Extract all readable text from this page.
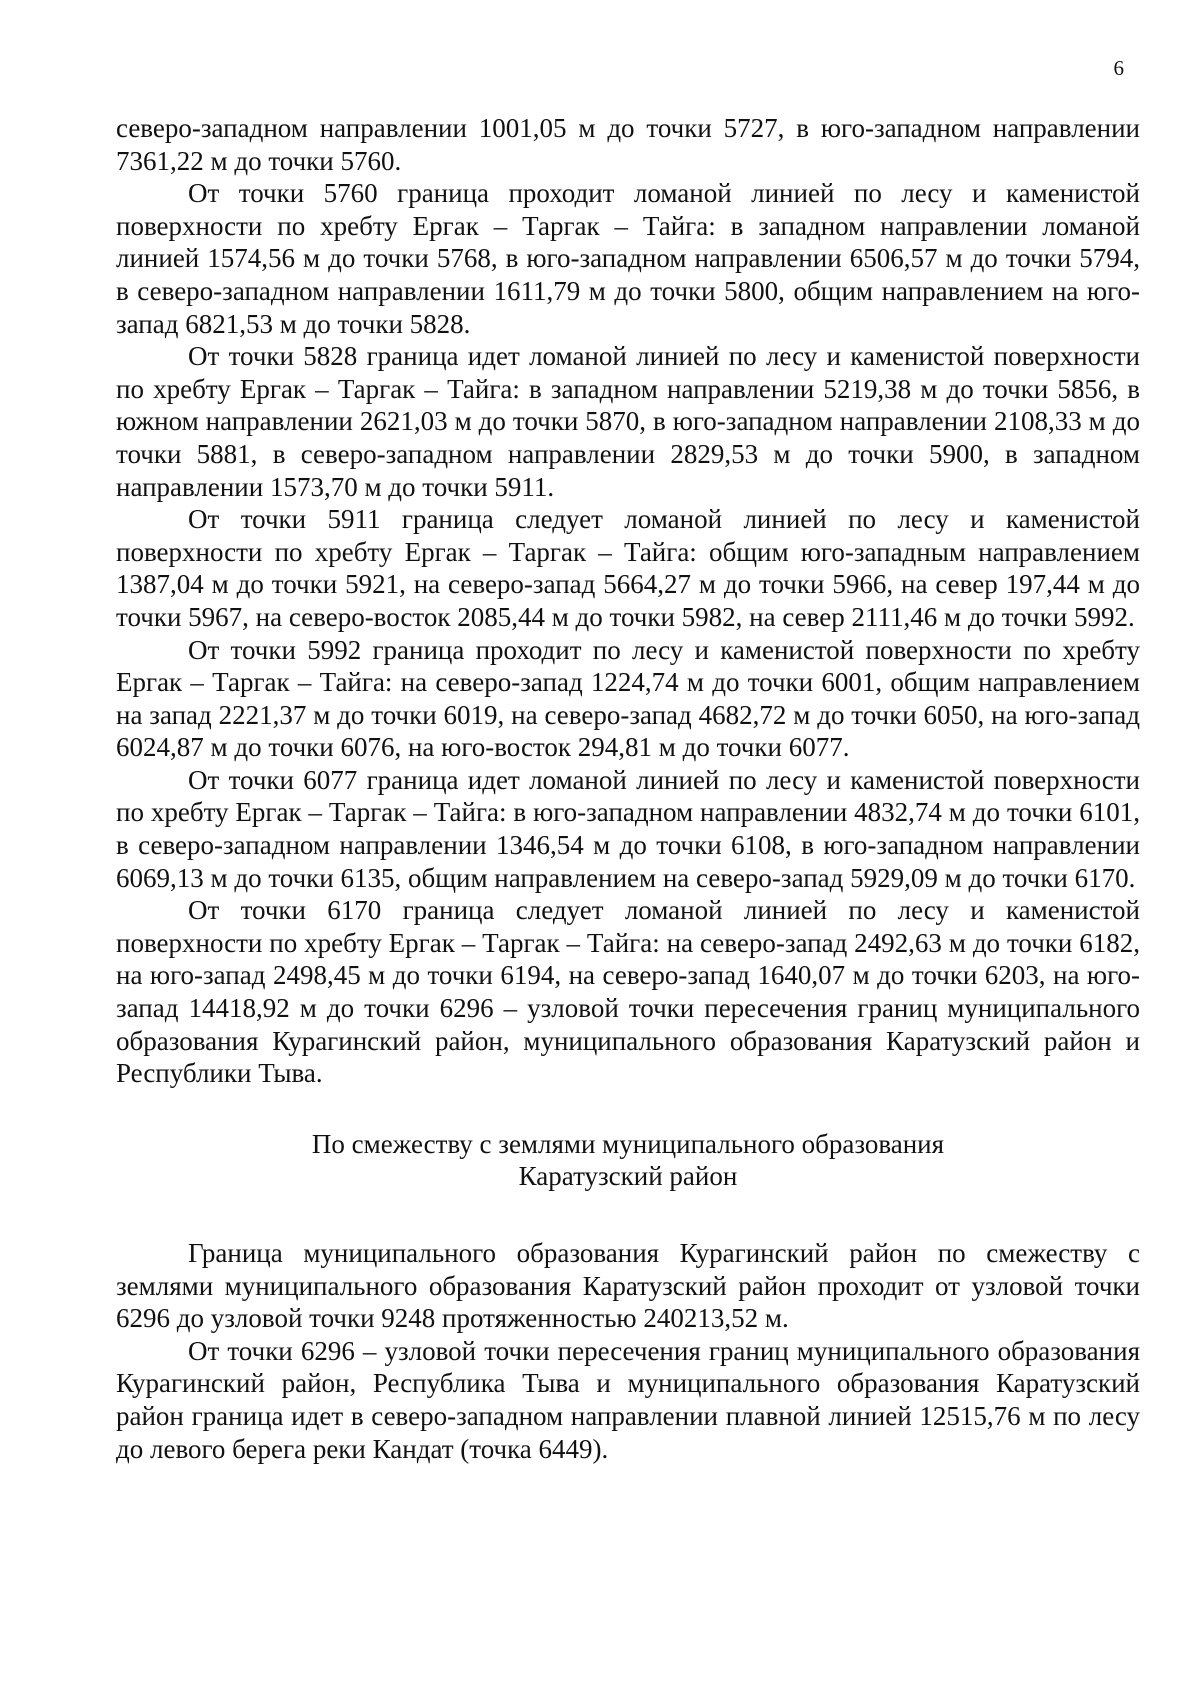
6

северо-западном направлении 1001,05 м до точки 5727, в юго-западном направлении 7361,22 м до точки 5760.

От точки 5760 граница проходит ломаной линией по лесу и каменистой поверхности по хребту Ергак – Таргак – Тайга: в западном направлении ломаной линией 1574,56 м до точки 5768, в юго-западном направлении 6506,57 м до точки 5794, в северо-западном направлении 1611,79 м до точки 5800, общим направлением на юго-запад 6821,53 м до точки 5828.

От точки 5828 граница идет ломаной линией по лесу и каменистой поверхности по хребту Ергак – Таргак – Тайга: в западном направлении 5219,38 м до точки 5856, в южном направлении 2621,03 м до точки 5870, в юго-западном направлении 2108,33 м до точки 5881, в северо-западном направлении 2829,53 м до точки 5900, в западном направлении 1573,70 м до точки 5911.

От точки 5911 граница следует ломаной линией по лесу и каменистой поверхности по хребту Ергак – Таргак – Тайга: общим юго-западным направлением 1387,04 м до точки 5921, на северо-запад 5664,27 м до точки 5966, на север 197,44 м до точки 5967, на северо-восток 2085,44 м до точки 5982, на север 2111,46 м до точки 5992.

От точки 5992 граница проходит по лесу и каменистой поверхности по хребту Ергак – Таргак – Тайга: на северо-запад 1224,74 м до точки 6001, общим направлением на запад 2221,37 м до точки 6019, на северо-запад 4682,72 м до точки 6050, на юго-запад 6024,87 м до точки 6076, на юго-восток 294,81 м до точки 6077.

От точки 6077 граница идет ломаной линией по лесу и каменистой поверхности по хребту Ергак – Таргак – Тайга: в юго-западном направлении 4832,74 м до точки 6101, в северо-западном направлении 1346,54 м до точки 6108, в юго-западном направлении 6069,13 м до точки 6135, общим направлением на северо-запад 5929,09 м до точки 6170.

От точки 6170 граница следует ломаной линией по лесу и каменистой поверхности по хребту Ергак – Таргак – Тайга: на северо-запад 2492,63 м до точки 6182, на юго-запад 2498,45 м до точки 6194, на северо-запад 1640,07 м до точки 6203, на юго-запад 14418,92 м до точки 6296 – узловой точки пересечения границ муниципального образования Курагинский район, муниципального образования Каратузский район и Республики Тыва.

По смежеству с землями муниципального образования
Каратузский район

Граница муниципального образования Курагинский район по смежеству с землями муниципального образования Каратузский район проходит от узловой точки 6296 до узловой точки 9248 протяженностью 240213,52 м.

От точки 6296 – узловой точки пересечения границ муниципального образования Курагинский район, Республика Тыва и муниципального образования Каратузский район граница идет в северо-западном направлении плавной линией 12515,76 м по лесу до левого берега реки Кандат (точка 6449).
